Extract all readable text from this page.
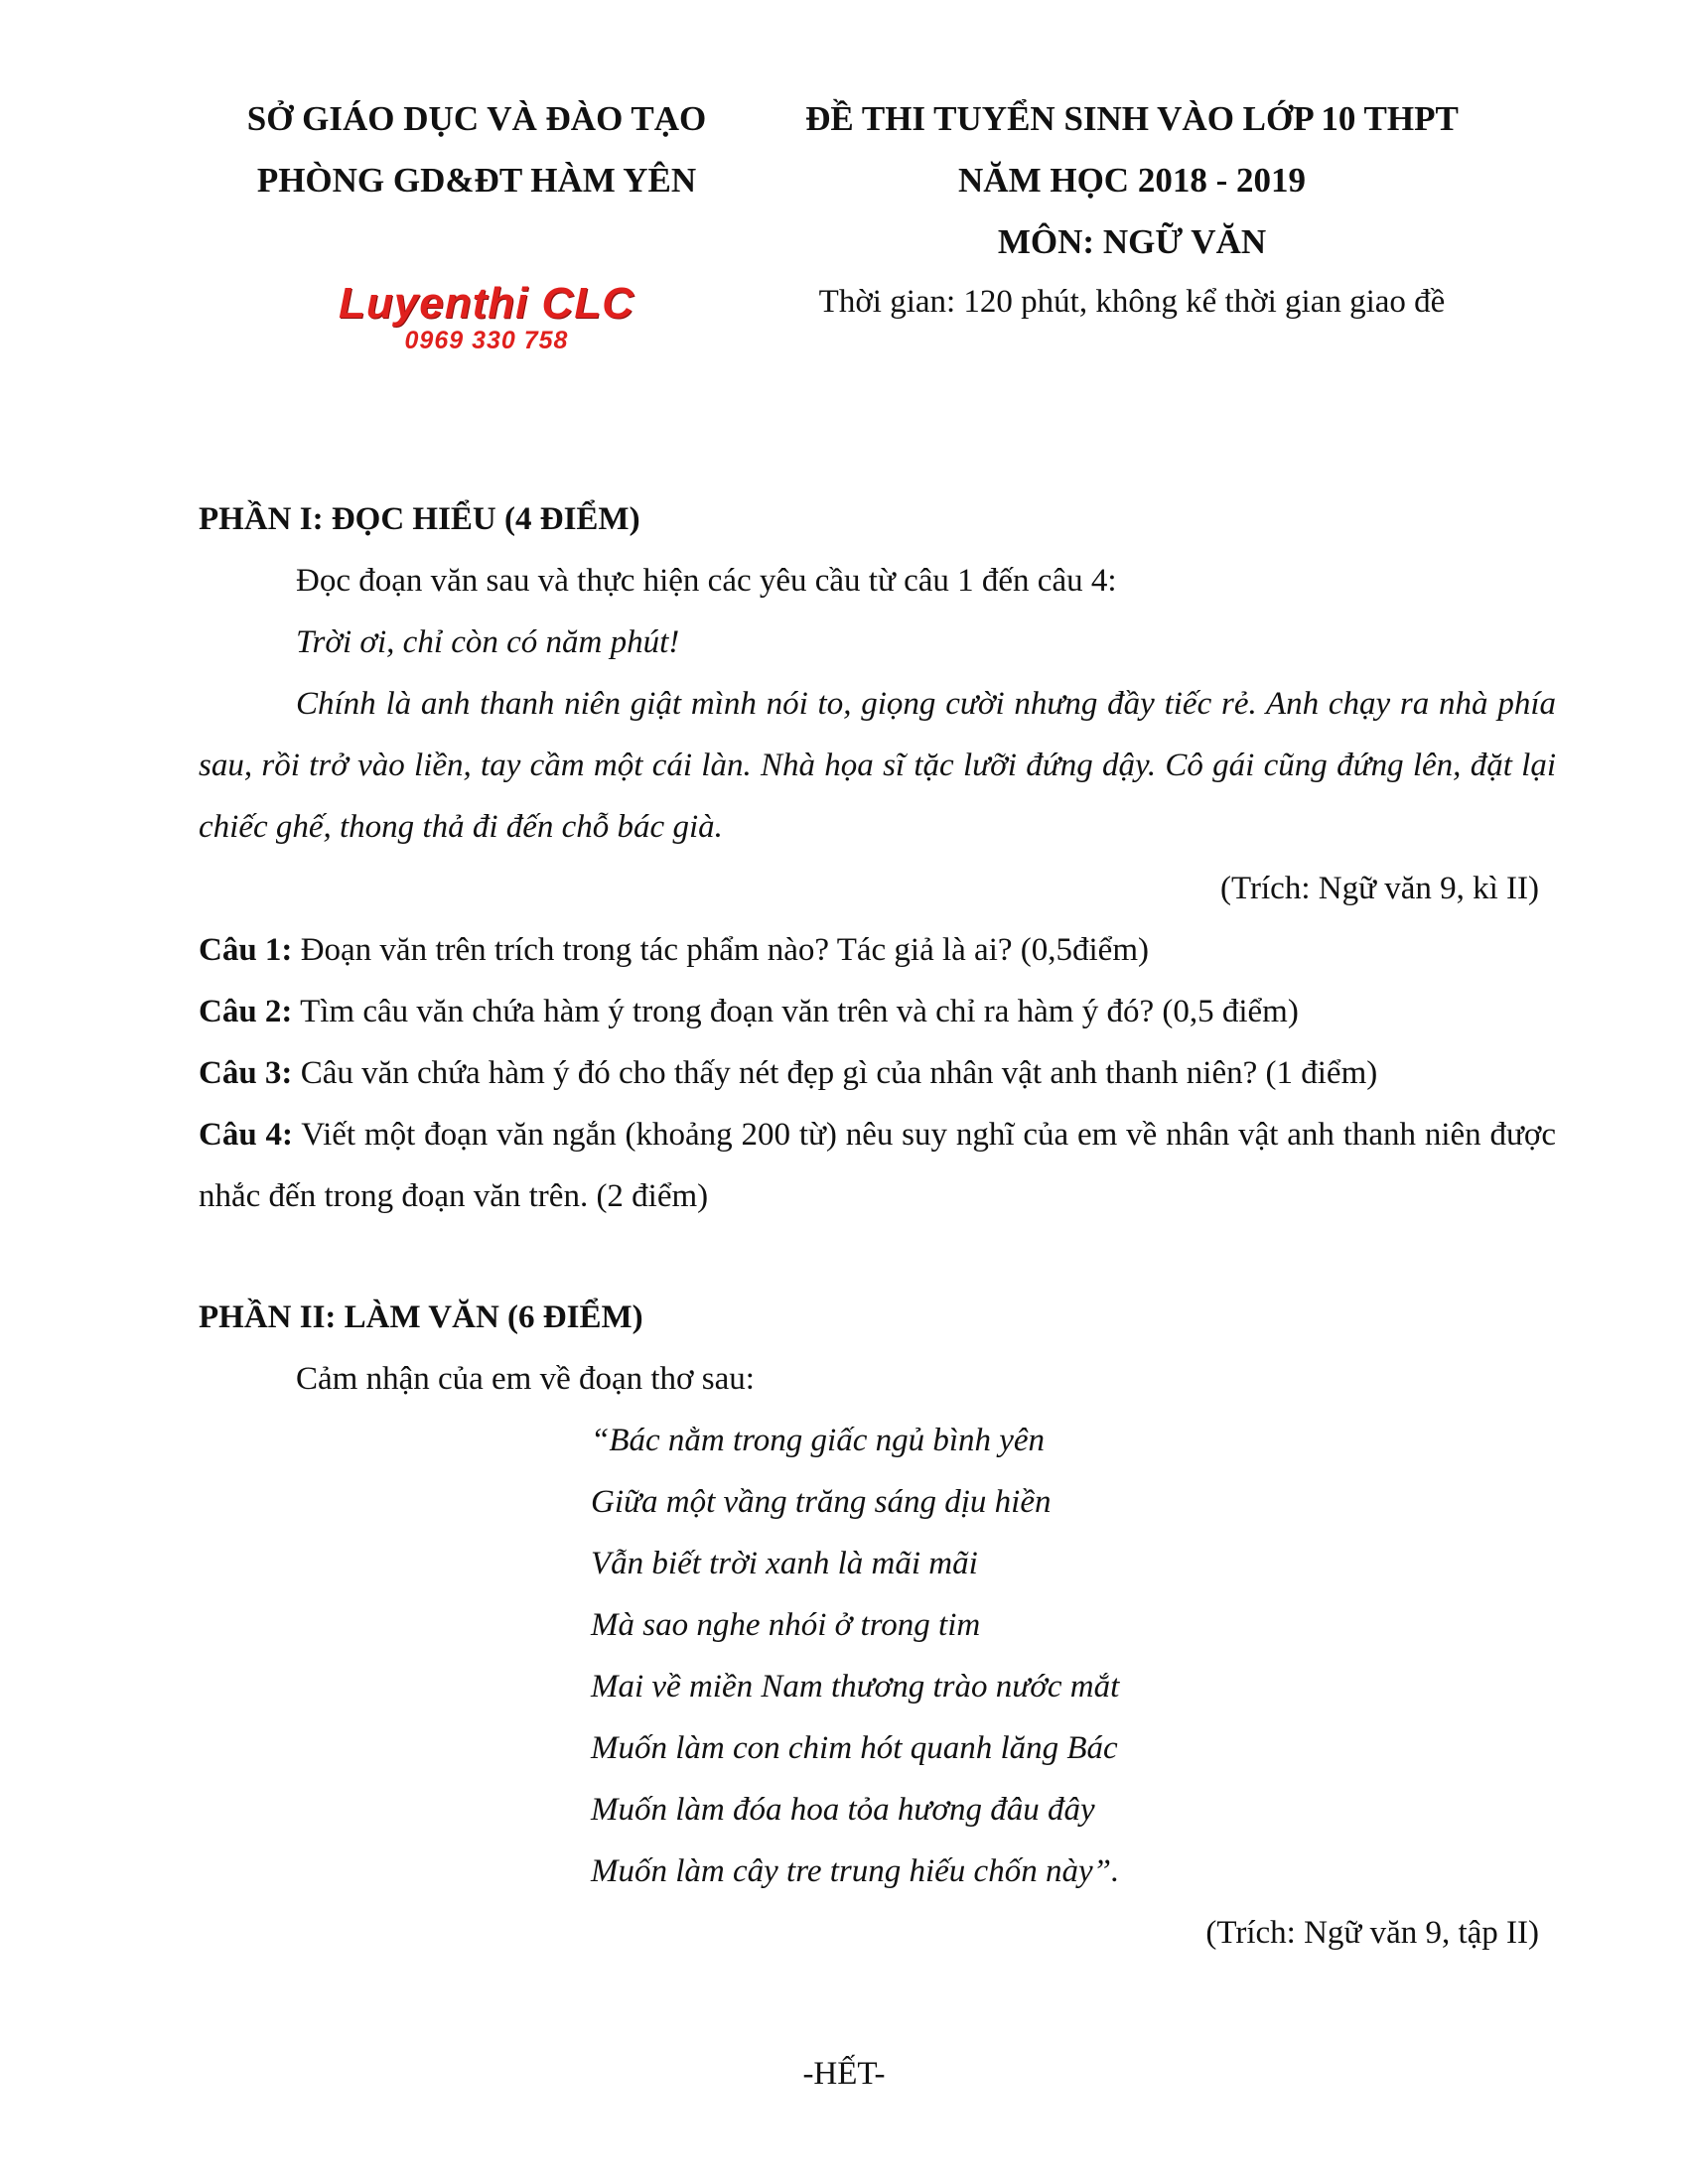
SỞ GIÁO DỤC VÀ ĐÀO TẠO
PHÒNG GD&ĐT HÀM YÊN
ĐỀ THI TUYỂN SINH VÀO LỚP 10 THPT
NĂM HỌC 2018 - 2019
MÔN: NGỮ VĂN
Thời gian: 120 phút, không kể thời gian giao đề
Luyenthi CLC
0969 330 758
PHẦN I: ĐỌC HIỂU (4 ĐIỂM)
Đọc đoạn văn sau và thực hiện các yêu cầu từ câu 1 đến câu 4:
Trời ơi, chỉ còn có năm phút!
Chính là anh thanh niên giật mình nói to, giọng cười nhưng đầy tiếc rẻ. Anh chạy ra nhà phía sau, rồi trở vào liền, tay cầm một cái làn. Nhà họa sĩ tặc lưỡi đứng dậy. Cô gái cũng đứng lên, đặt lại chiếc ghế, thong thả đi đến chỗ bác già.
(Trích: Ngữ văn 9, kì II)
Câu 1: Đoạn văn trên trích trong tác phẩm nào? Tác giả là ai? (0,5điểm)
Câu 2: Tìm câu văn chứa hàm ý trong đoạn văn trên và chỉ ra hàm ý đó? (0,5 điểm)
Câu 3: Câu văn chứa hàm ý đó cho thấy nét đẹp gì của nhân vật anh thanh niên? (1 điểm)
Câu 4: Viết một đoạn văn ngắn (khoảng 200 từ) nêu suy nghĩ của em về nhân vật anh thanh niên được nhắc đến trong đoạn văn trên. (2 điểm)
PHẦN II: LÀM VĂN (6 ĐIỂM)
Cảm nhận của em về đoạn thơ sau:
“Bác nằm trong giấc ngủ bình yên
Giữa một vầng trăng sáng dịu hiền
Vẫn biết trời xanh là mãi mãi
Mà sao nghe nhói ở trong tim
Mai về miền Nam thương trào nước mắt
Muốn làm con chim hót quanh lăng Bác
Muốn làm đóa hoa tỏa hương đâu đây
Muốn làm cây tre trung hiếu chốn này”.
(Trích: Ngữ văn 9, tập II)
-HẾT-
